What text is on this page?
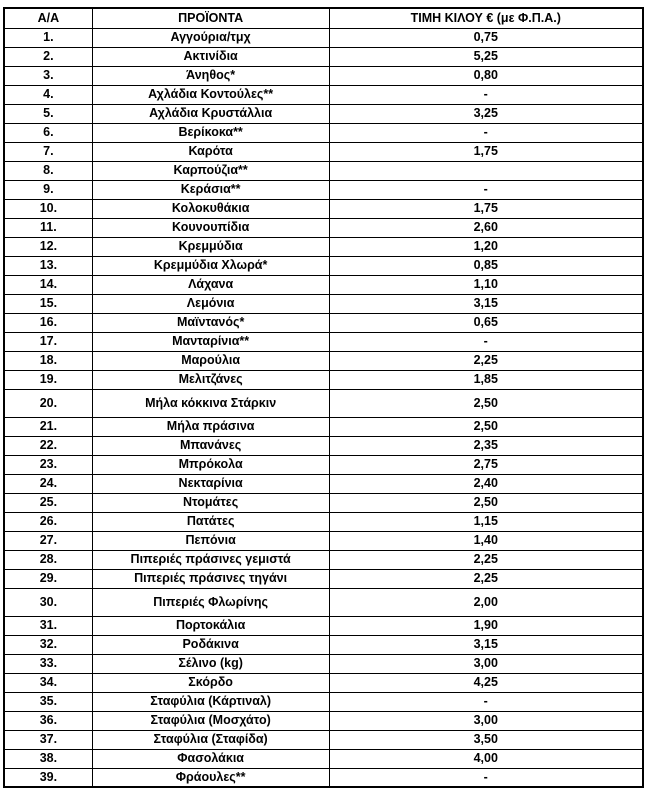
Α/Α	ΠΡΟΪΟΝΤΑ	ΤΙΜΗ ΚΙΛΟΥ € (με Φ.Π.Α.)
1.	Αγγούρια/τμχ	0,75
2.	Ακτινίδια	5,25
3.	Άνηθος*	0,80
4.	Αχλάδια Κοντούλες**	-
5.	Αχλάδια Κρυστάλλια	3,25
6.	Βερίκοκα**	-
7.	Καρότα	1,75
8.	Καρπούζια**	
9.	Κεράσια**	-
10.	Κολοκυθάκια	1,75
11.	Κουνουπίδια	2,60
12.	Κρεμμύδια	1,20
13.	Κρεμμύδια Χλωρά*	0,85
14.	Λάχανα	1,10
15.	Λεμόνια	3,15
16.	Μαϊντανός*	0,65
17.	Μανταρίνια**	-
18.	Μαρούλια	2,25
19.	Μελιτζάνες	1,85
20.	Μήλα κόκκινα Στάρκιν	2,50
21.	Μήλα πράσινα	2,50
22.	Μπανάνες	2,35
23.	Μπρόκολα	2,75
24.	Νεκταρίνια	2,40
25.	Ντομάτες	2,50
26.	Πατάτες	1,15
27.	Πεπόνια	1,40
28.	Πιπεριές πράσινες γεμιστά	2,25
29.	Πιπεριές πράσινες τηγάνι	2,25
30.	Πιπεριές Φλωρίνης	2,00
31.	Πορτοκάλια	1,90
32.	Ροδάκινα	3,15
33.	Σέλινο (kg)	3,00
34.	Σκόρδο	4,25
35.	Σταφύλια (Κάρτιναλ)	-
36.	Σταφύλια (Μοσχάτο)	3,00
37.	Σταφύλια (Σταφίδα)	3,50
38.	Φασολάκια	4,00
39.	Φράουλες**	-
